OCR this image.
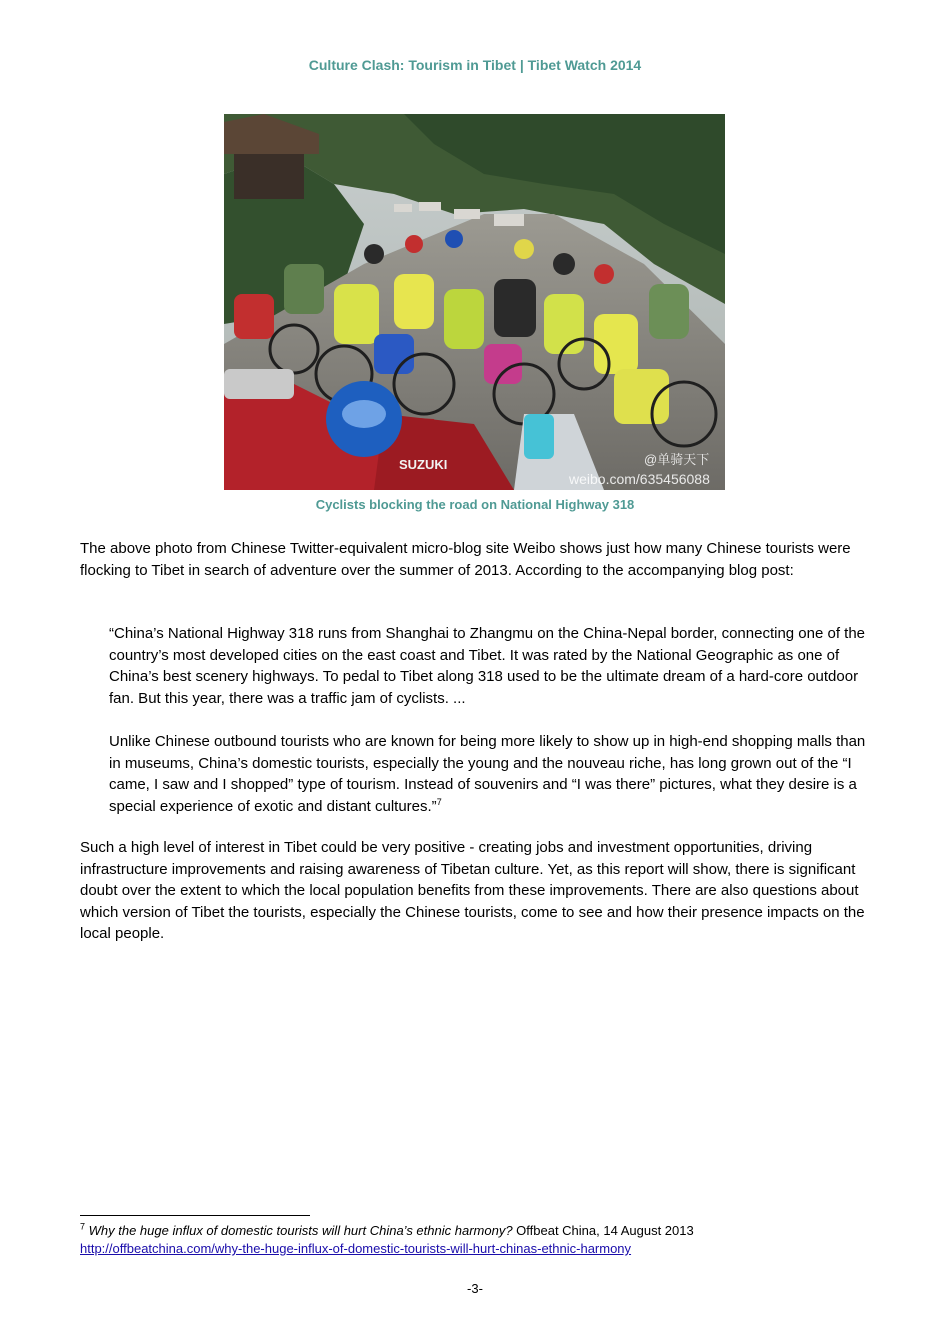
Culture Clash: Tourism in Tibet | Tibet Watch 2014
SUZUKI	@单骑天下
weibo.com/635456088
Cyclists blocking the road on National Highway 318

The above photo from Chinese Twitter-equivalent micro-blog site Weibo shows just how many Chinese tourists were flocking to Tibet in search of adventure over the summer of 2013. According to the accompanying blog post:

“China’s National Highway 318 runs from Shanghai to Zhangmu on the China-Nepal border, connecting one of the country’s most developed cities on the east coast and Tibet. It was rated by the National Geographic as one of China’s best scenery highways. To pedal to Tibet along 318 used to be the ultimate dream of a hard-core outdoor fan. But this year, there was a traffic jam of cyclists. ...

Unlike Chinese outbound tourists who are known for being more likely to show up in high-end shopping malls than in museums, China’s domestic tourists, especially the young and the nouveau riche, has long grown out of the “I came, I saw and I shopped” type of tourism. Instead of souvenirs and “I was there” pictures, what they desire is a special experience of exotic and distant cultures.”$^7$

Such a high level of interest in Tibet could be very positive - creating jobs and investment opportunities, driving infrastructure improvements and raising awareness of Tibetan culture. Yet, as this report will show, there is significant doubt over the extent to which the local population benefits from these improvements. There are also questions about which version of Tibet the tourists, especially the Chinese tourists, come to see and how their presence impacts on the local people.

$^7$ Why the huge influx of domestic tourists will hurt China’s ethnic harmony? Offbeat China, 14 August 2013
http://offbeatchina.com/why-the-huge-influx-of-domestic-tourists-will-hurt-chinas-ethnic-harmony
-3-
